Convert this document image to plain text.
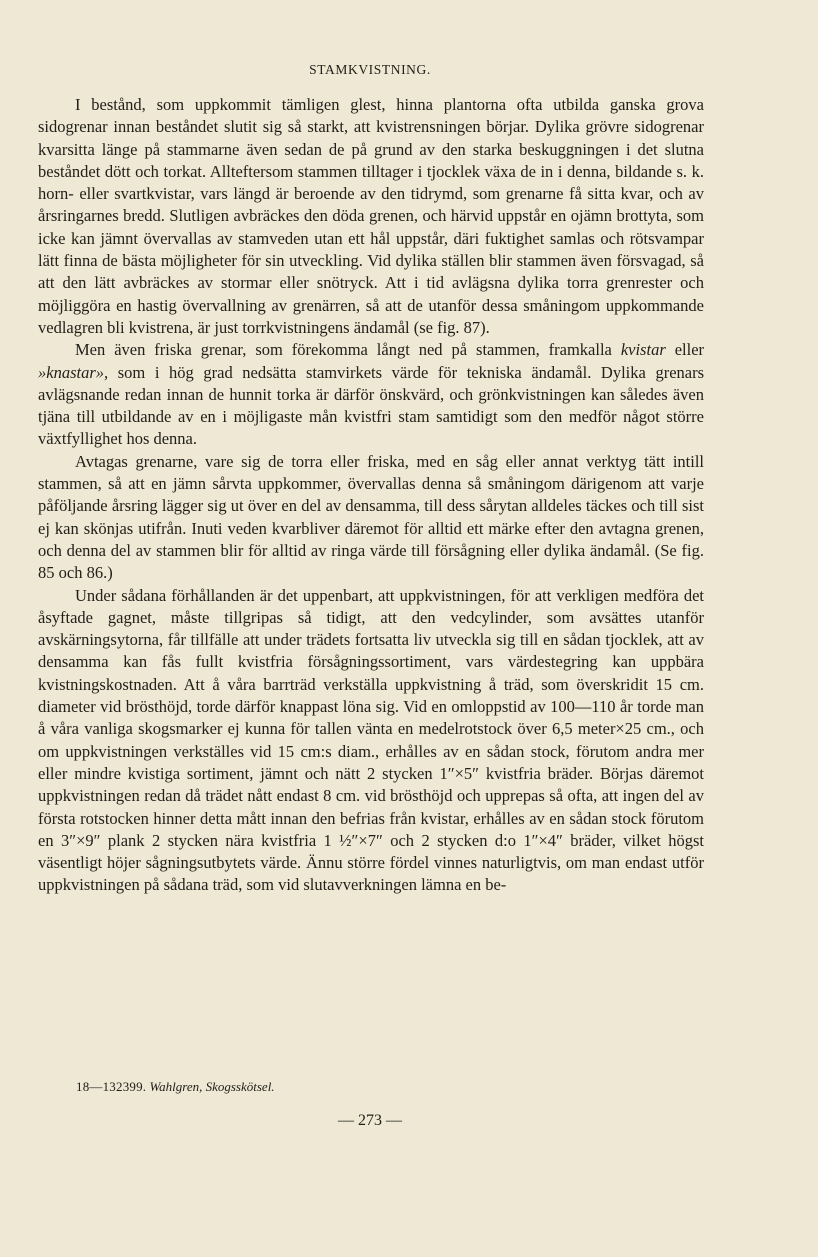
STAMKVISTNING.

I bestånd, som uppkommit tämligen glest, hinna plantorna ofta utbilda ganska grova sidogrenar innan beståndet slutit sig så starkt, att kvistrensningen börjar. Dylika grövre sidogrenar kvarsitta länge på stammarne även sedan de på grund av den starka beskuggningen i det slutna beståndet dött och torkat. Allteftersom stammen tilltager i tjocklek växa de in i denna, bildande s. k. horn- eller svartkvistar, vars längd är beroende av den tidrymd, som grenarne få sitta kvar, och av årsringarnes bredd. Slutligen avbräckes den döda grenen, och härvid uppstår en ojämn brottyta, som icke kan jämnt övervallas av stamveden utan ett hål uppstår, däri fuktighet samlas och rötsvampar lätt finna de bästa möjligheter för sin utveckling. Vid dylika ställen blir stammen även försvagad, så att den lätt avbräckes av stormar eller snötryck. Att i tid avlägsna dylika torra grenrester och möjliggöra en hastig övervallning av grenärren, så att de utanför dessa småningom uppkommande vedlagren bli kvistrena, är just torrkvistningens ändamål (se fig. 87).

Men även friska grenar, som förekomma långt ned på stammen, framkalla kvistar eller »knastar», som i hög grad nedsätta stamvirkets värde för tekniska ändamål. Dylika grenars avlägsnande redan innan de hunnit torka är därför önskvärd, och grönkvistningen kan således även tjäna till utbildande av en i möjligaste mån kvistfri stam samtidigt som den medför något större växtfyllighet hos denna.

Avtagas grenarne, vare sig de torra eller friska, med en såg eller annat verktyg tätt intill stammen, så att en jämn sårvta uppkommer, övervallas denna så småningom därigenom att varje påföljande årsring lägger sig ut över en del av densamma, till dess sårytan alldeles täckes och till sist ej kan skönjas utifrån. Inuti veden kvarbliver däremot för alltid ett märke efter den avtagna grenen, och denna del av stammen blir för alltid av ringa värde till försågning eller dylika ändamål. (Se fig. 85 och 86.)

Under sådana förhållanden är det uppenbart, att uppkvistningen, för att verkligen medföra det åsyftade gagnet, måste tillgripas så tidigt, att den vedcylinder, som avsättes utanför avskärningsytorna, får tillfälle att under trädets fortsatta liv utveckla sig till en sådan tjocklek, att av densamma kan fås fullt kvistfria försågningssortiment, vars värdestegring kan uppbära kvistningskostnaden. Att å våra barrträd verkställa uppkvistning å träd, som överskridit 15 cm. diameter vid brösthöjd, torde därför knappast löna sig. Vid en omloppstid av 100—110 år torde man å våra vanliga skogsmarker ej kunna för tallen vänta en medelrotstock över 6,5 meter×25 cm., och om uppkvistningen verkställes vid 15 cm:s diam., erhålles av en sådan stock, förutom andra mer eller mindre kvistiga sortiment, jämnt och nätt 2 stycken 1″×5″ kvistfria bräder. Börjas däremot uppkvistningen redan då trädet nått endast 8 cm. vid brösthöjd och upprepas så ofta, att ingen del av första rotstocken hinner detta mått innan den befrias från kvistar, erhålles av en sådan stock förutom en 3″×9″ plank 2 stycken nära kvistfria 1 ½″×7″ och 2 stycken d:o 1″×4″ bräder, vilket högst väsentligt höjer sågningsutbytets värde. Ännu större fördel vinnes naturligtvis, om man endast utför uppkvistningen på sådana träd, som vid slutavverkningen lämna en be-

18—132399. Wahlgren, Skogsskötsel.
— 273 —
